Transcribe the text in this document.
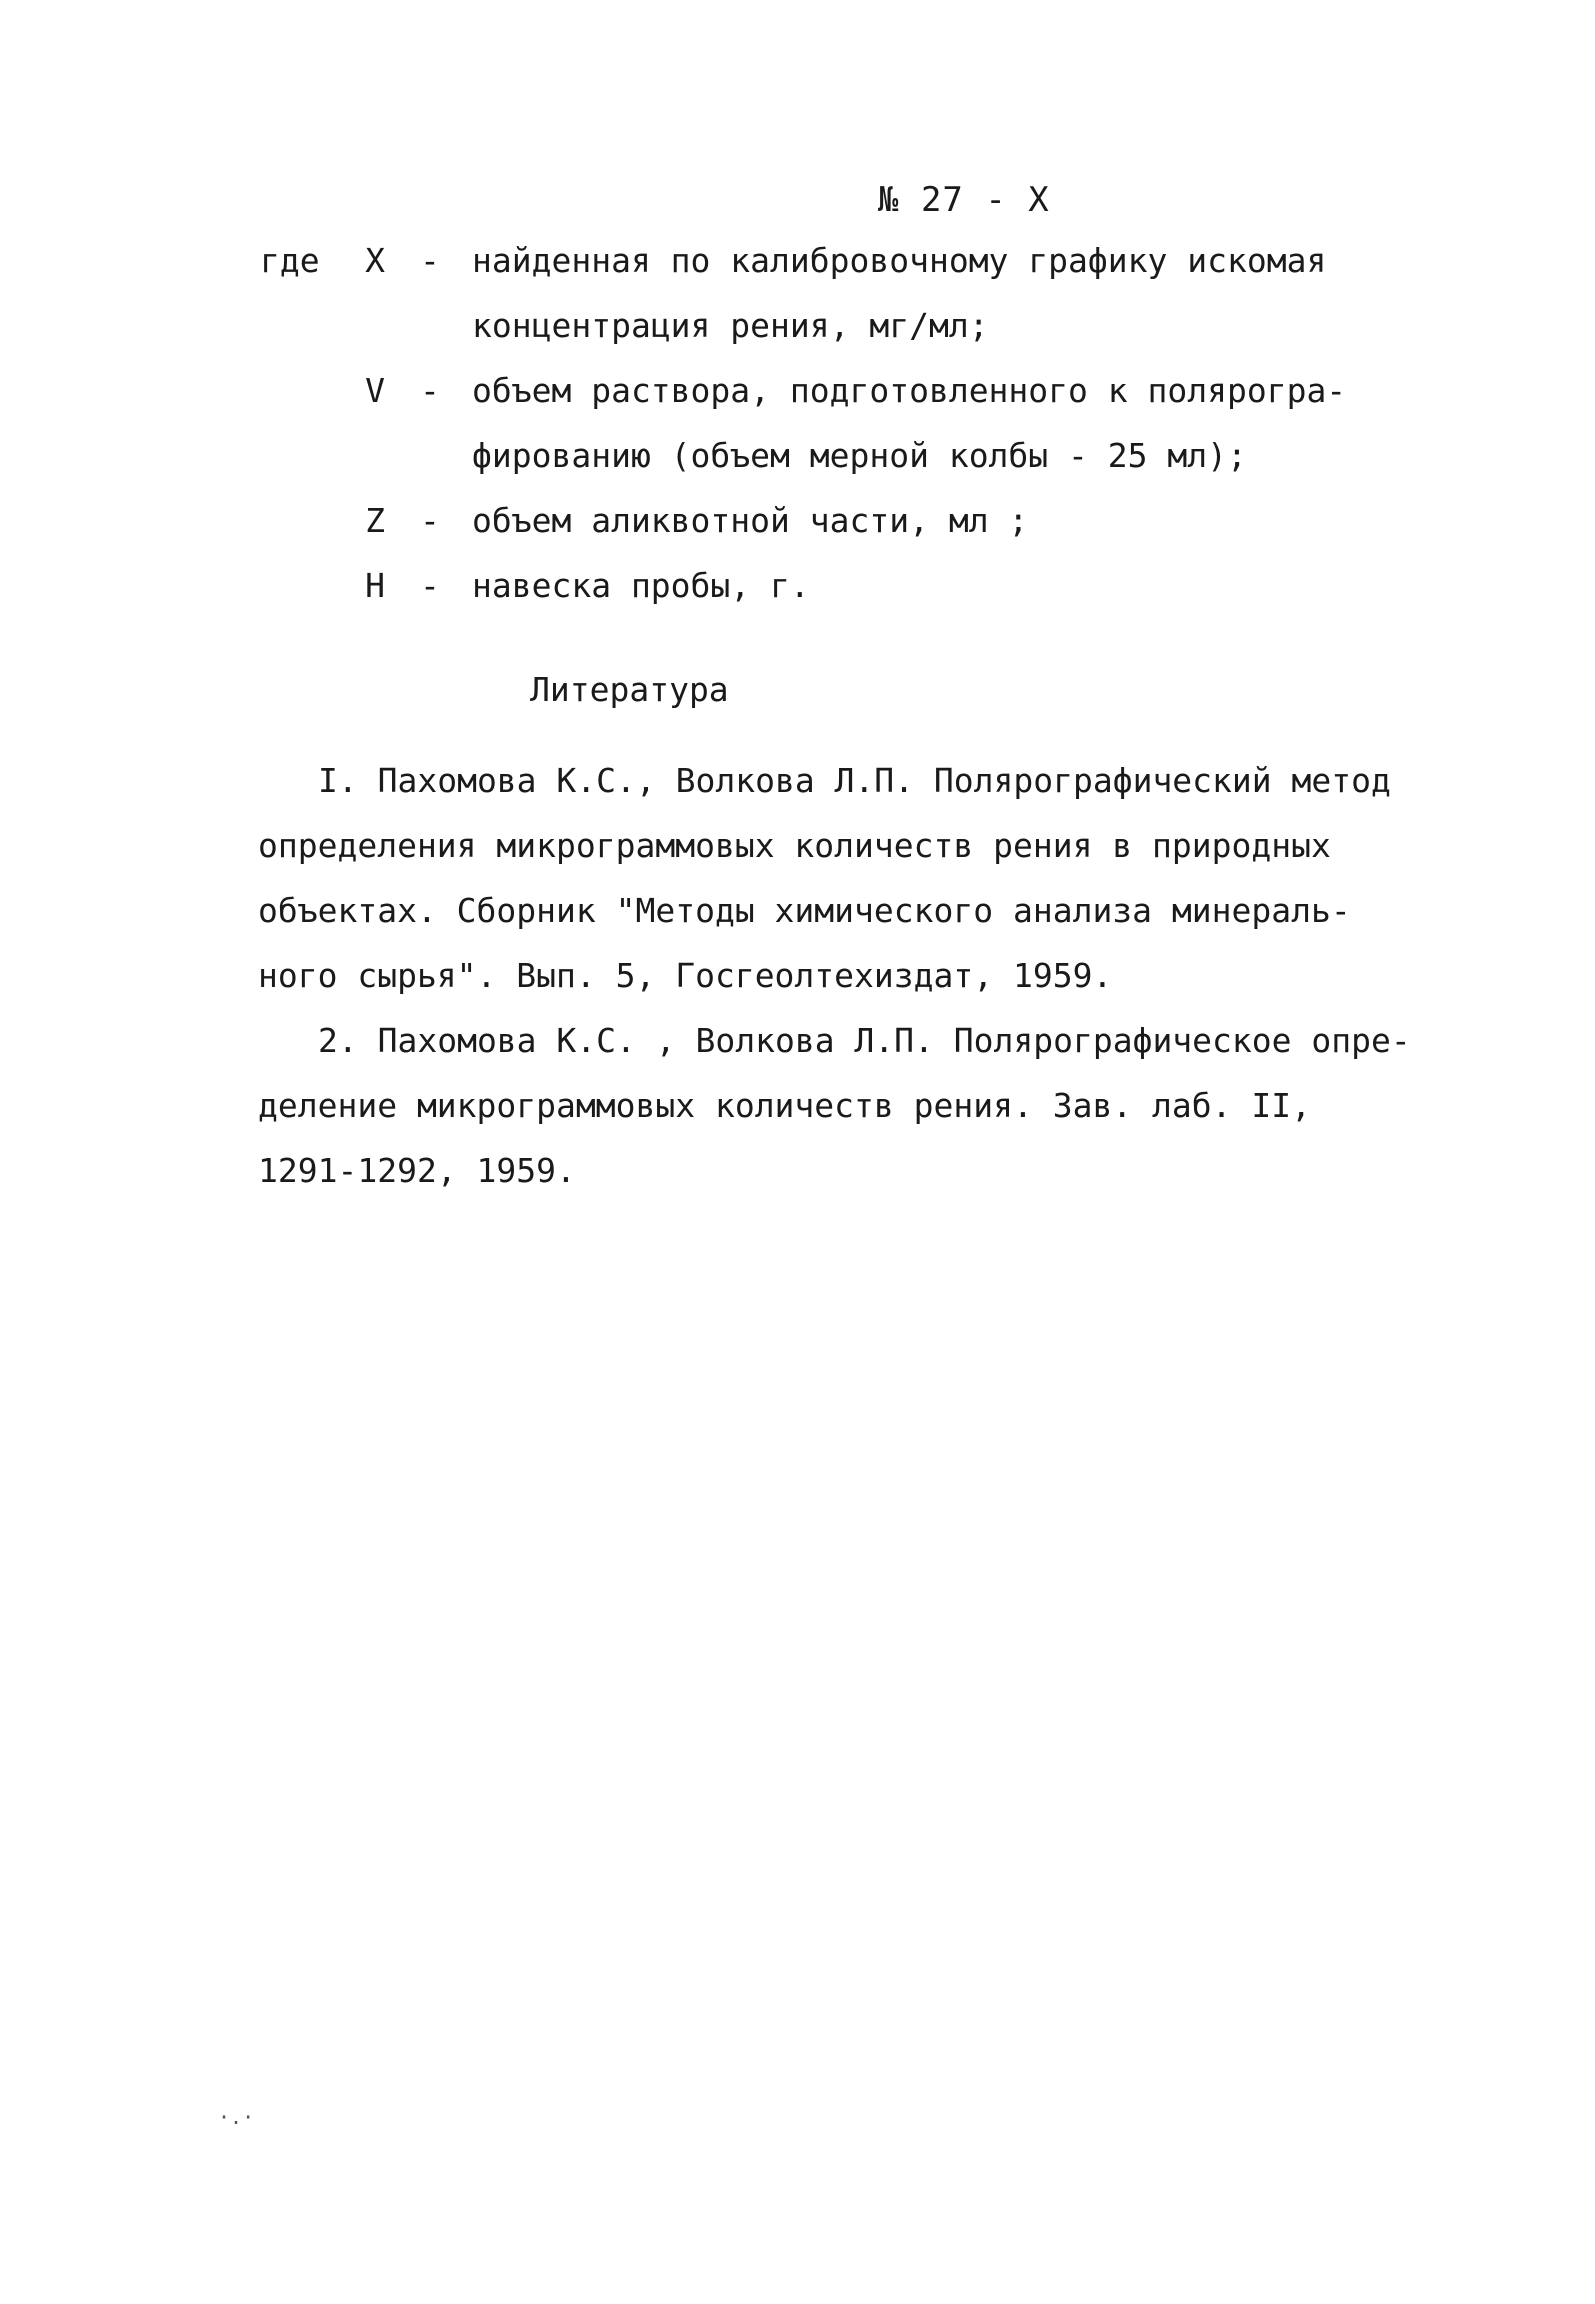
№ 27 - X
где	X	- найденная по калибровочному графику искомая
концентрация рения, мг/мл;
V	- объем раствора, подготовленного к полярогра-
фированию (объем мерной колбы - 25 мл);
Z	- объем аликвотной части, мл ;
Н	- навеска пробы, г.
Литература
I. Пахомова К.С., Волкова Л.П. Полярографический метод
определения микрограммовых количеств рения в природных
объектах. Сборник "Методы химического анализа минераль-
ного сырья". Вып. 5, Госгеолтехиздат, 1959.
2. Пахомова К.С. , Волкова Л.П. Полярографическое опре-
деление микрограммовых количеств рения. Зав. лаб. II,
1291-1292, 1959.
·.·
